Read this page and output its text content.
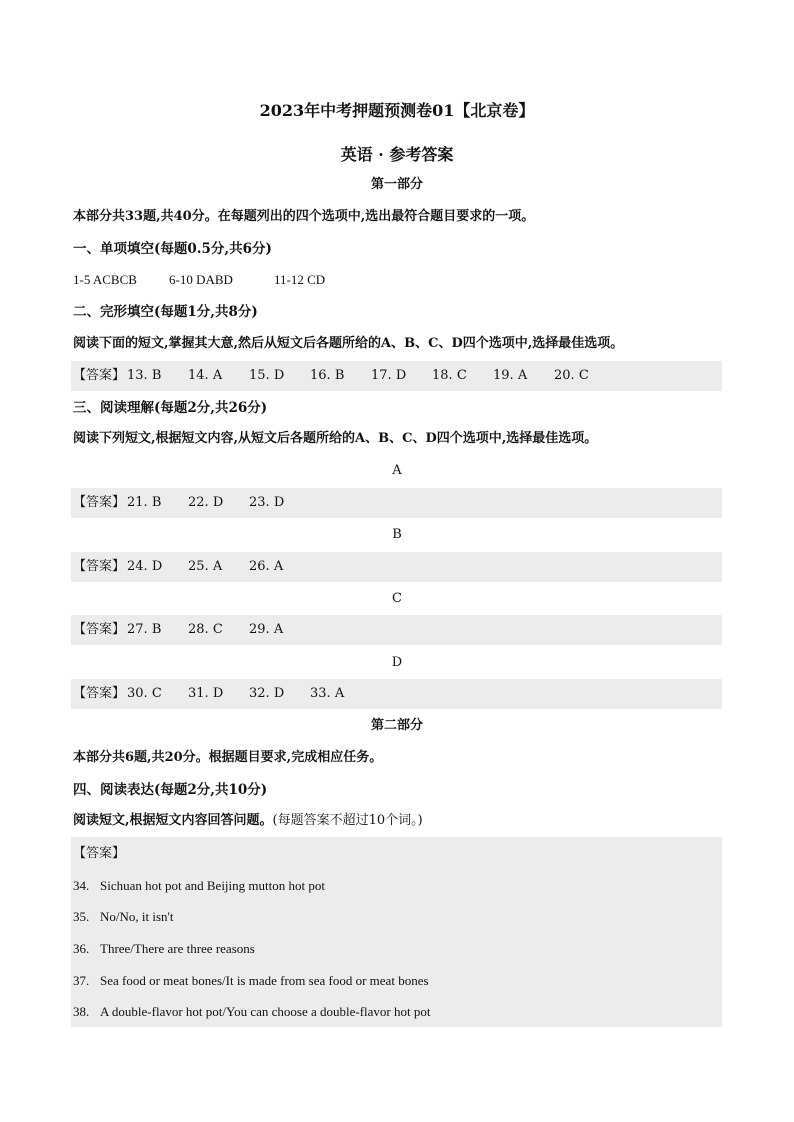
2023年中考押题预测卷01【北京卷】
英语 · 参考答案
第一部分
本部分共33题,共40分。在每题列出的四个选项中,选出最符合题目要求的一项。
一、单项填空(每题0.5分,共6分)
1-5 ACBCB 6-10 DABD	11-12 CD
二、完形填空(每题1分,共8分)
阅读下面的短文,掌握其大意,然后从短文后各题所给的A、B、C、D四个选项中,选择最佳选项。
【答案】 13. B 14. A 15. D 16. B 17. D 18. C 19. A 20. C
三、阅读理解(每题2分,共26分)
阅读下列短文,根据短文内容,从短文后各题所给的A、B、C、D四个选项中,选择最佳选项。
A
【答案】 21. B 22. D 23. D
B
【答案】 24. D 25. A 26. A
C
【答案】 27. B 28. C 29. A
D
【答案】 30. C 31. D 32. D 33. A
第二部分
本部分共6题,共20分。根据题目要求,完成相应任务。
四、阅读表达(每题2分,共10分)
阅读短文,根据短文内容回答问题。(每题答案不超过10个词。)
【答案】
34. Sichuan hot pot and Beijing mutton hot pot
35. No/No, it isn't
36. Three/There are three reasons
37. Sea food or meat bones/It is made from sea food or meat bones
38. A double-flavor hot pot/You can choose a double-flavor hot pot
